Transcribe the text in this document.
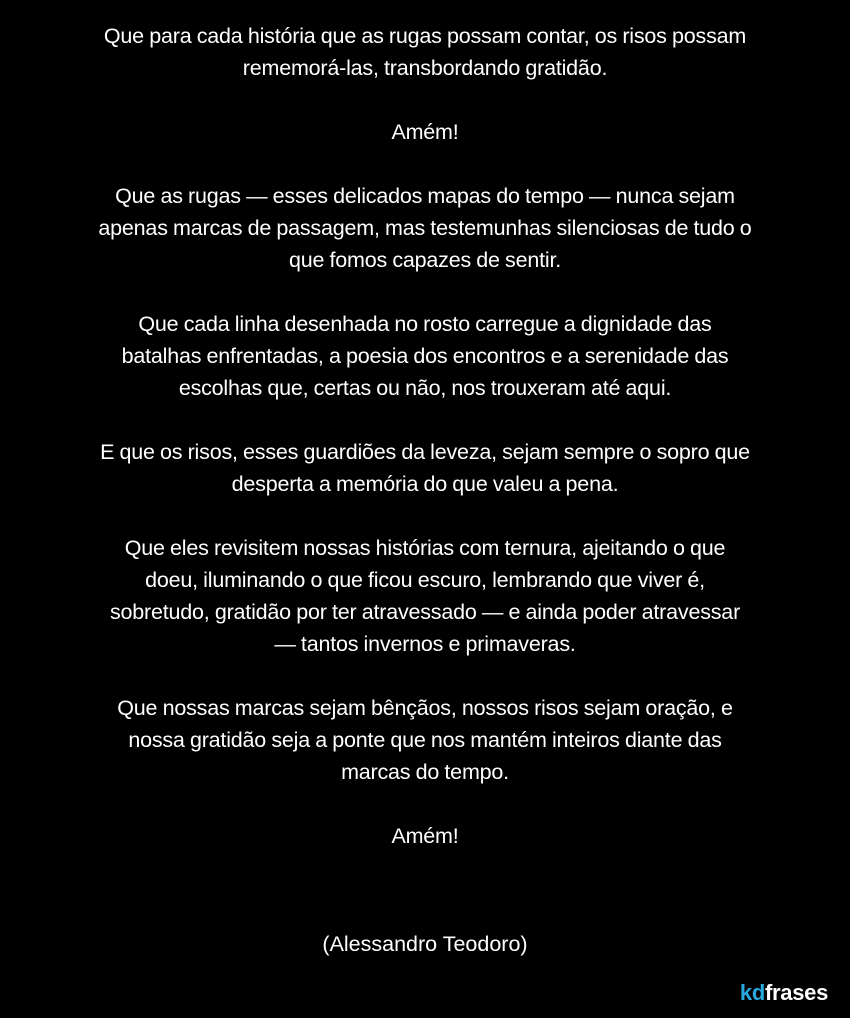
Que para cada história que as rugas possam contar, os risos possam
rememorá-las, transbordando gratidão.
Amém!
Que as rugas — esses delicados mapas do tempo — nunca sejam
apenas marcas de passagem, mas testemunhas silenciosas de tudo o
que fomos capazes de sentir.
Que cada linha desenhada no rosto carregue a dignidade das
batalhas enfrentadas, a poesia dos encontros e a serenidade das
escolhas que, certas ou não, nos trouxeram até aqui.
E que os risos, esses guardiões da leveza, sejam sempre o sopro que
desperta a memória do que valeu a pena.
Que eles revisitem nossas histórias com ternura, ajeitando o que
doeu, iluminando o que ficou escuro, lembrando que viver é,
sobretudo, gratidão por ter atravessado — e ainda poder atravessar
— tantos invernos e primaveras.
Que nossas marcas sejam bênçãos, nossos risos sejam oração, e
nossa gratidão seja a ponte que nos mantém inteiros diante das
marcas do tempo.
Amém!
(Alessandro Teodoro)
kdfrases
